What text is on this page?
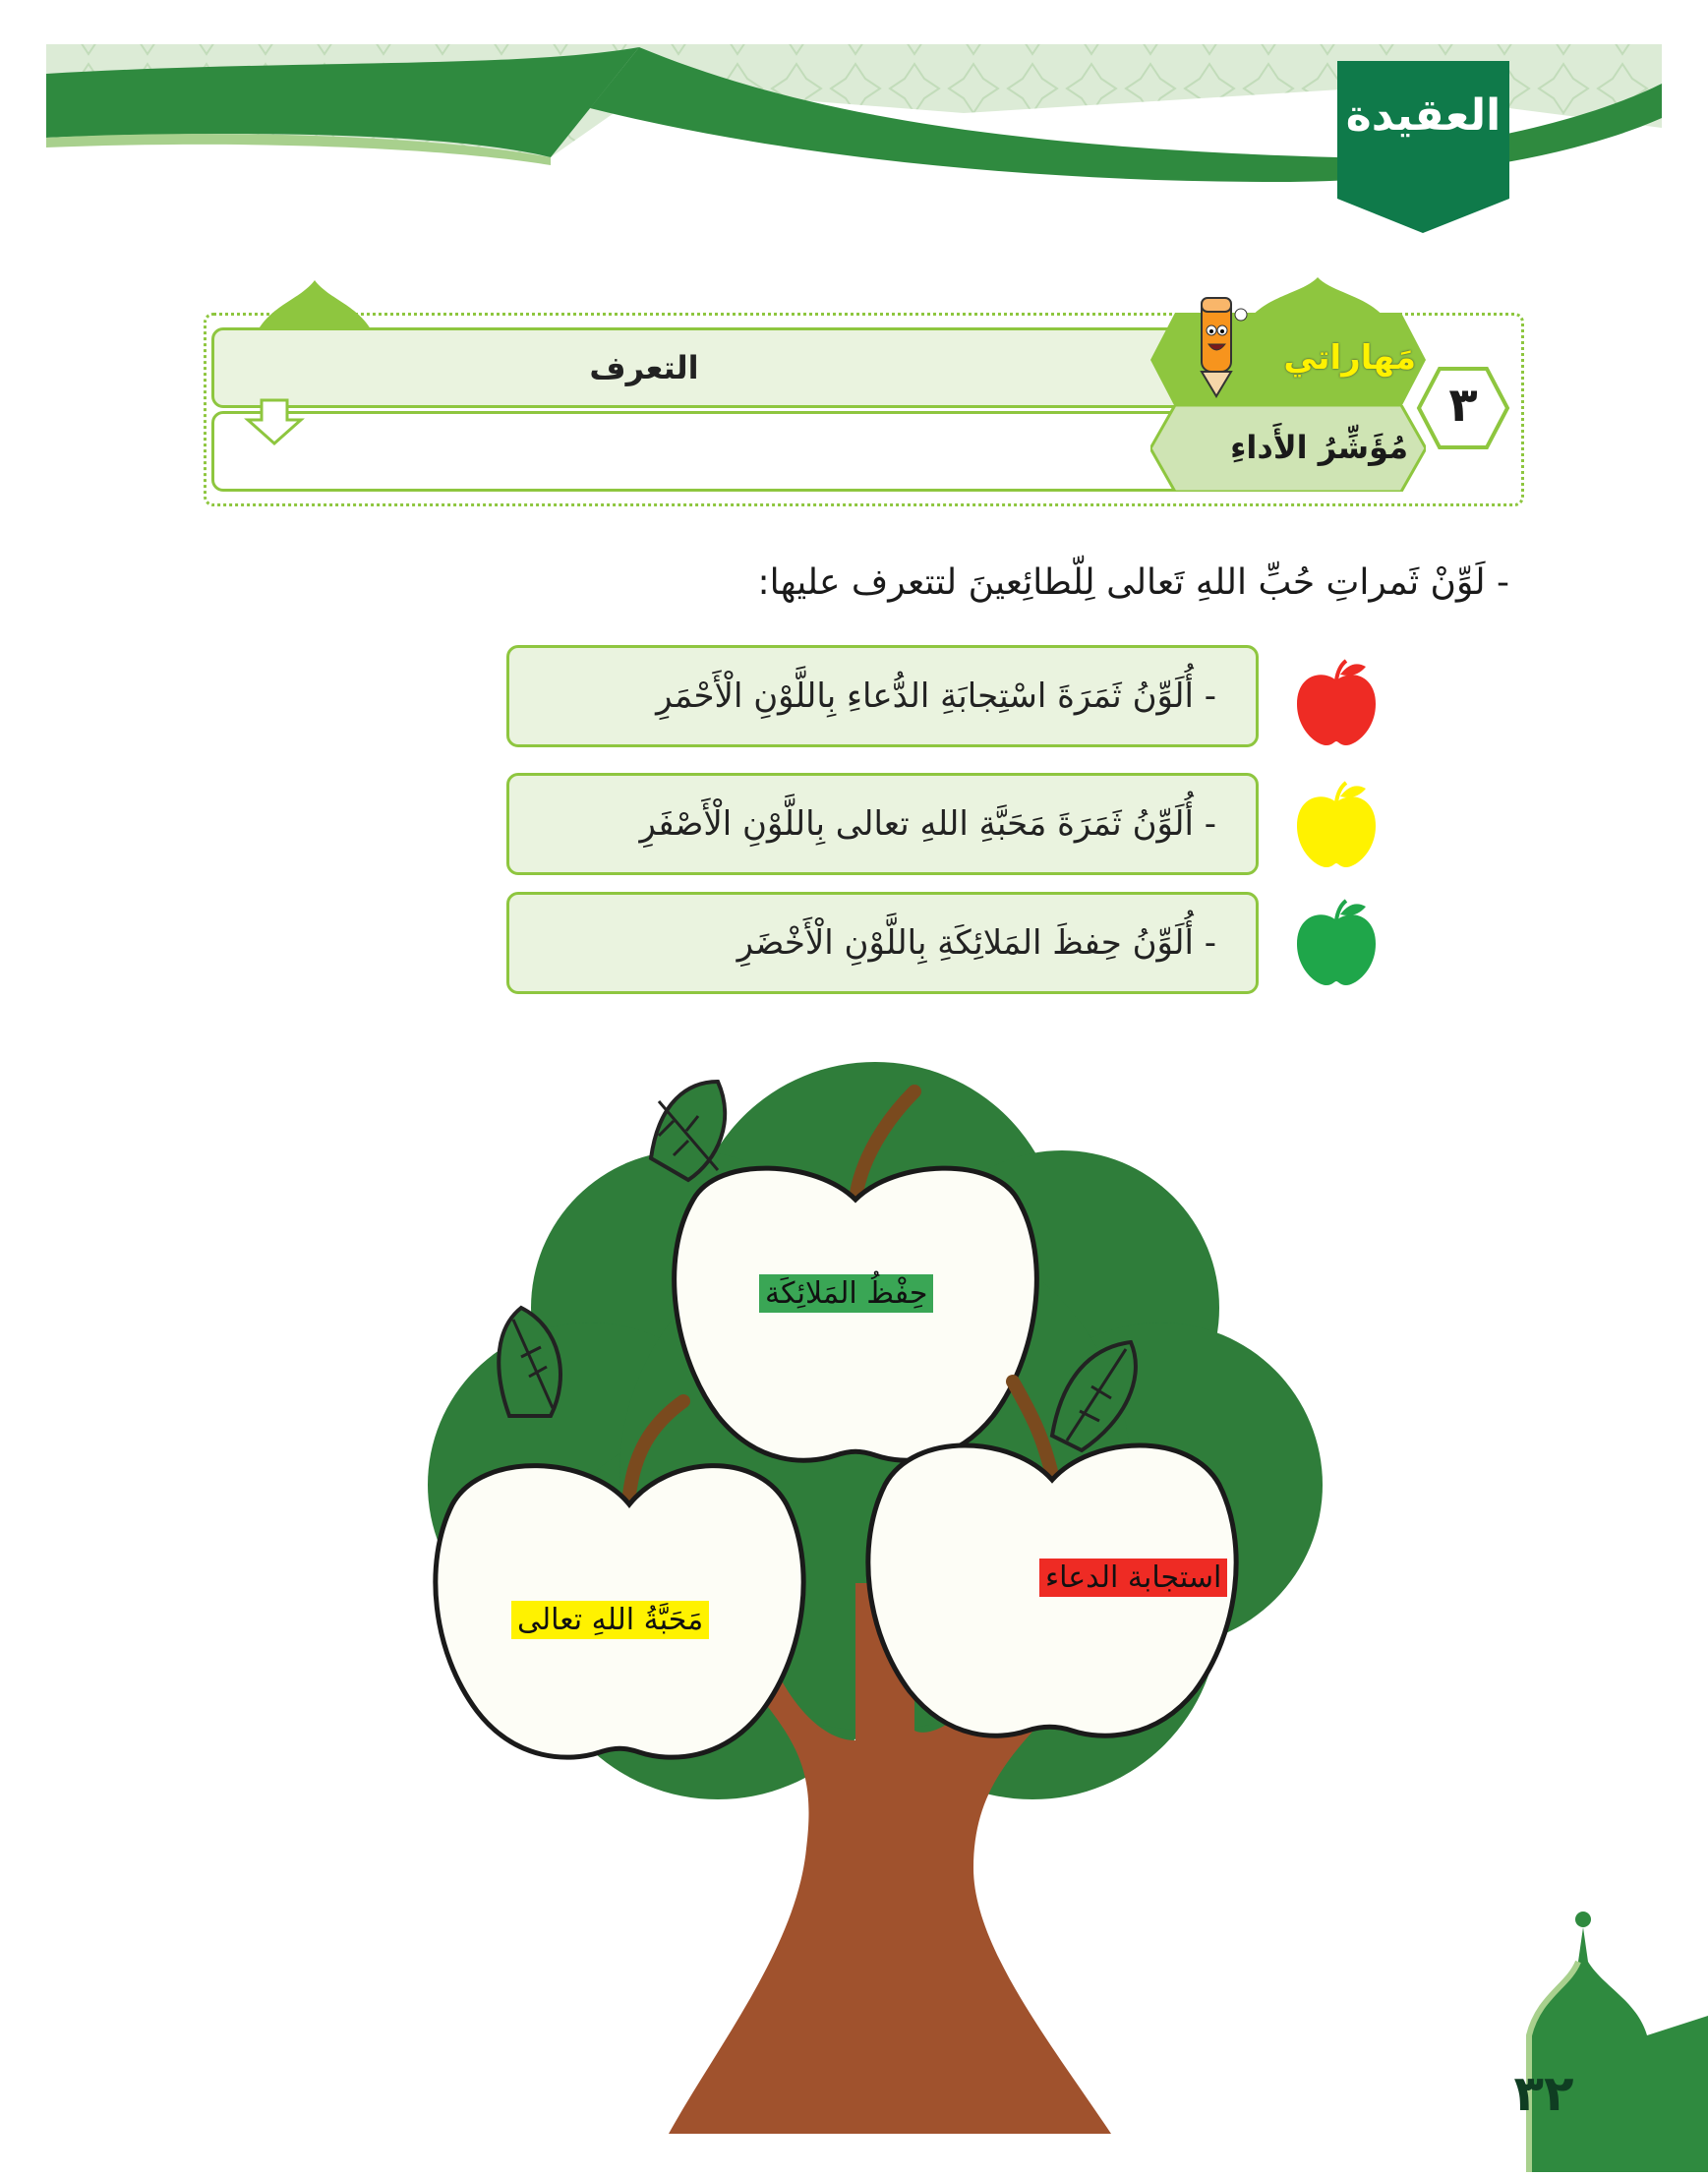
العقيدة
التعرف	مَهاراتي
مُؤَشِّرُ الأَداءِ
٣
- لَوِّنْ ثَمراتِ حُبِّ اللهِ تَعالى لِلّطائِعينَ لتتعرف عليها:
- أُلَوِّنُ ثَمَرَةَ اسْتِجابَةِ الدُّعاءِ بِاللَّوْنِ الْأَحْمَرِ
- أُلَوِّنُ ثَمَرَةَ مَحَبَّةِ اللهِ تعالى بِاللَّوْنِ الْأَصْفَرِ
- أُلَوِّنُ حِفظَ المَلائِكَةِ بِاللَّوْنِ الْأَخْضَرِ
حِفْظُ المَلائِكَة
مَحَبَّةُ اللهِ تعالى
استجابة الدعاء
٣٢
